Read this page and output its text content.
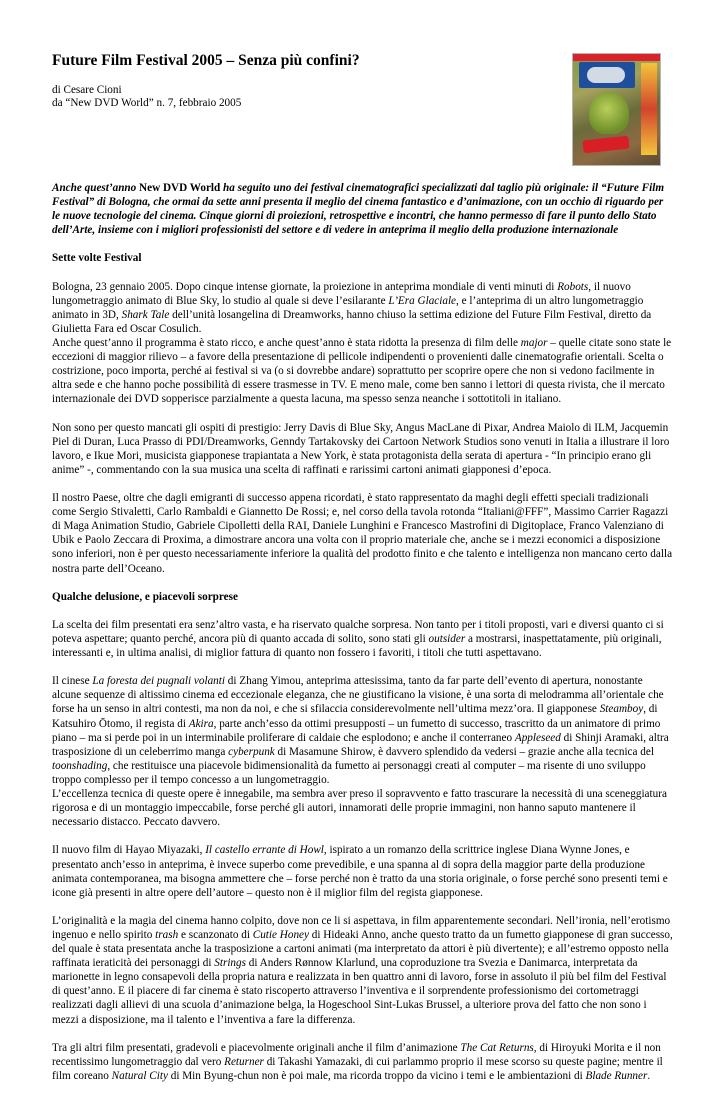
Future Film Festival 2005 – Senza più confini?
di Cesare Cioni
da “New DVD World” n. 7, febbraio 2005

Anche quest’anno New DVD World ha seguito uno dei festival cinematografici specializzati dal taglio più originale: il “Future Film Festival” di Bologna, che ormai da sette anni presenta il meglio del cinema fantastico e d’animazione, con un occhio di riguardo per le nuove tecnologie del cinema. Cinque giorni di proiezioni, retrospettive e incontri, che hanno permesso di fare il punto dello Stato dell’Arte, insieme con i migliori professionisti del settore e di vedere in anteprima il meglio della produzione internazionale

Sette volte Festival

Bologna, 23 gennaio 2005. Dopo cinque intense giornate, la proiezione in anteprima mondiale di venti minuti di Robots, il nuovo lungometraggio animato di Blue Sky, lo studio al quale si deve l’esilarante L’Era Glaciale, e l’anteprima di un altro lungometraggio animato in 3D, Shark Tale dell’unità losangelina di Dreamworks, hanno chiuso la settima edizione del Future Film Festival, diretto da Giulietta Fara ed Oscar Cosulich.

Anche quest’anno il programma è stato ricco, e anche quest’anno è stata ridotta la presenza di film delle major – quelle citate sono state le eccezioni di maggior rilievo – a favore della presentazione di pellicole indipendenti o provenienti dalle cinematografie orientali. Scelta o costrizione, poco importa, perché ai festival si va (o si dovrebbe andare) soprattutto per scoprire opere che non si vedono facilmente in altra sede e che hanno poche possibilità di essere trasmesse in TV. E meno male, come ben sanno i lettori di questa rivista, che il mercato internazionale dei DVD sopperisce parzialmente a questa lacuna, ma spesso senza neanche i sottotitoli in italiano.

Non sono per questo mancati gli ospiti di prestigio: Jerry Davis di Blue Sky, Angus MacLane di Pixar, Andrea Maiolo di ILM, Jacquemin Piel di Duran, Luca Prasso di PDI/Dreamworks, Genndy Tartakovsky dei Cartoon Network Studios sono venuti in Italia a illustrare il loro lavoro, e Ikue Mori, musicista giapponese trapiantata a New York, è stata protagonista della serata di apertura - “In principio erano gli anime” -, commentando con la sua musica una scelta di raffinati e rarissimi cartoni animati giapponesi d’epoca.

Il nostro Paese, oltre che dagli emigranti di successo appena ricordati, è stato rappresentato da maghi degli effetti speciali tradizionali come Sergio Stivaletti, Carlo Rambaldi e Giannetto De Rossi; e, nel corso della tavola rotonda “Italiani@FFF”, Massimo Carrier Ragazzi di Maga Animation Studio, Gabriele Cipolletti della RAI, Daniele Lunghini e Francesco Mastrofini di Digitoplace, Franco Valenziano di Ubik e Paolo Zeccara di Proxima, a dimostrare ancora una volta con il proprio materiale che, anche se i mezzi economici a disposizione sono inferiori, non è per questo necessariamente inferiore la qualità del prodotto finito e che talento e intelligenza non mancano certo dalla nostra parte dell’Oceano.

Qualche delusione, e piacevoli sorprese

La scelta dei film presentati era senz’altro vasta, e ha riservato qualche sorpresa. Non tanto per i titoli proposti, vari e diversi quanto ci si poteva aspettare; quanto perché, ancora più di quanto accada di solito, sono stati gli outsider a mostrarsi, inaspettatamente, più originali, interessanti e, in ultima analisi, di miglior fattura di quanto non fossero i favoriti, i titoli che tutti aspettavano.

Il cinese La foresta dei pugnali volanti di Zhang Yimou, anteprima attesissima, tanto da far parte dell’evento di apertura, nonostante alcune sequenze di altissimo cinema ed eccezionale eleganza, che ne giustificano la visione, è una sorta di melodramma all’orientale che forse ha un senso in altri contesti, ma non da noi, e che si sfilaccia considerevolmente nell’ultima mezz’ora. Il giapponese Steamboy, di Katsuhiro Ōtomo, il regista di Akira, parte anch’esso da ottimi presupposti – un fumetto di successo, trascritto da un animatore di primo piano – ma si perde poi in un interminabile proliferare di caldaie che esplodono; e anche il conterraneo Appleseed di Shinji Aramaki, altra trasposizione di un celeberrimo manga cyberpunk di Masamune Shirow, è davvero splendido da vedersi – grazie anche alla tecnica del toonshading, che restituisce una piacevole bidimensionalità da fumetto ai personaggi creati al computer – ma risente di uno sviluppo troppo complesso per il tempo concesso a un lungometraggio.

L’eccellenza tecnica di queste opere è innegabile, ma sembra aver preso il sopravvento e fatto trascurare la necessità di una sceneggiatura rigorosa e di un montaggio impeccabile, forse perché gli autori, innamorati delle proprie immagini, non hanno saputo mantenere il necessario distacco. Peccato davvero.

Il nuovo film di Hayao Miyazaki, Il castello errante di Howl, ispirato a un romanzo della scrittrice inglese Diana Wynne Jones, e presentato anch’esso in anteprima, è invece superbo come prevedibile, e una spanna al di sopra della maggior parte della produzione animata contemporanea, ma bisogna ammettere che – forse perché non è tratto da una storia originale, o forse perché sono presenti temi e icone già presenti in altre opere dell’autore – questo non è il miglior film del regista giapponese.

L’originalità e la magia del cinema hanno colpito, dove non ce li si aspettava, in film apparentemente secondari. Nell’ironia, nell’erotismo ingenuo e nello spirito trash e scanzonato di Cutie Honey di Hideaki Anno, anche questo tratto da un fumetto giapponese di gran successo, del quale è stata presentata anche la trasposizione a cartoni animati (ma interpretato da attori è più divertente); e all’estremo opposto nella raffinata ieraticità dei personaggi di Strings di Anders Rønnow Klarlund, una coproduzione tra Svezia e Danimarca, interpretata da marionette in legno consapevoli della propria natura e realizzata in ben quattro anni di lavoro, forse in assoluto il più bel film del Festival di quest’anno. E il piacere di far cinema è stato riscoperto attraverso l’inventiva e il sorprendente professionismo dei cortometraggi realizzati dagli allievi di una scuola d’animazione belga, la Hogeschool Sint-Lukas Brussel, a ulteriore prova del fatto che non sono i mezzi a disposizione, ma il talento e l’inventiva a fare la differenza.

Tra gli altri film presentati, gradevoli e piacevolmente originali anche il film d’animazione The Cat Returns, di Hiroyuki Morita e il non recentissimo lungometraggio dal vero Returner di Takashi Yamazaki, di cui parlammo proprio il mese scorso su queste pagine; mentre il film coreano Natural City di Min Byung-chun non è poi male, ma ricorda troppo da vicino i temi e le ambientazioni di Blade Runner.
